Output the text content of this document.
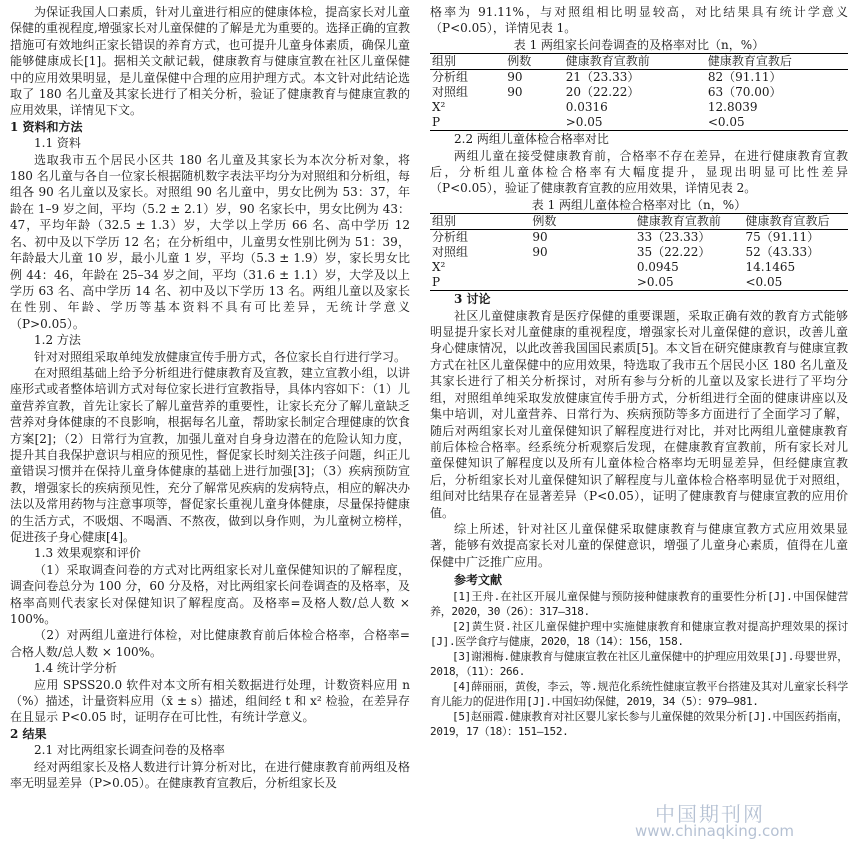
为保证我国人口素质，针对儿童进行相应的健康体检，提高家长对儿童保健的重视程度,增强家长对儿童保健的了解是尤为重要的。选择正确的宣教措施可有效地纠正家长错误的养育方式，也可提升儿童身体素质，确保儿童能够健康成长[1]。据相关文献记载，健康教育与健康宣教在社区儿童保健中的应用效果明显，是儿童保健中合理的应用护理方式。本文针对此结论选取了 180 名儿童及其家长进行了相关分析，验证了健康教育与健康宣教的应用效果，详情见下文。

1 资料和方法

1.1 资料

选取我市五个居民小区共 180 名儿童及其家长为本次分析对象，将 180 名儿童与各自一位家长根据随机数字表法平均分为对照组和分析组，每组各 90 名儿童以及家长。对照组 90 名儿童中，男女比例为 53：37，年龄在 1–9 岁之间，平均（5.2 ± 2.1）岁，90 名家长中，男女比例为 43：47，平均年龄（32.5 ± 1.3）岁，大学以上学历 66 名、高中学历 12 名、初中及以下学历 12 名；在分析组中，儿童男女性别比例为 51：39，年龄最大儿童 10 岁，最小儿童 1 岁，平均（5.3 ± 1.9）岁，家长男女比例 44：46，年龄在 25–34 岁之间，平均（31.6 ± 1.1）岁，大学及以上学历 63 名、高中学历 14 名、初中及以下学历 13 名。两组儿童以及家长在性别、年龄、学历等基本资料不具有可比差异，无统计学意义（P>0.05）。

1.2 方法

针对对照组采取单纯发放健康宣传手册方式，各位家长自行进行学习。

在对照组基础上给予分析组进行健康教育及宣教，建立宣教小组，以讲座形式或者整体培训方式对每位家长进行宣教指导，具体内容如下：（1）儿童营养宣教，首先让家长了解儿童营养的重要性，让家长充分了解儿童缺乏营养对身体健康的不良影响，根据每名儿童，帮助家长制定合理健康的饮食方案[2]；（2）日常行为宣教，加强儿童对自身身边潜在的危险认知力度，提升其自我保护意识与相应的预见性，督促家长时刻关注孩子问题，纠正儿童错误习惯并在保持儿童身体健康的基础上进行加强[3]；（3）疾病预防宣教，增强家长的疾病预见性，充分了解常见疾病的发病特点，相应的解决办法以及常用药物与注意事项等，督促家长重视儿童身体健康，尽量保持健康的生活方式，不吸烟、不喝酒、不熬夜，做到以身作则，为儿童树立榜样，促进孩子身心健康[4]。

1.3 效果观察和评价

（1）采取调查问卷的方式对比两组家长对儿童保健知识的了解程度，调查问卷总分为 100 分，60 分及格，对比两组家长问卷调查的及格率，及格率高则代表家长对保健知识了解程度高。及格率=及格人数/总人数 × 100%。

（2）对两组儿童进行体检，对比健康教育前后体检合格率，合格率=合格人数/总人数 × 100%。

1.4 统计学分析

应用 SPSS20.0 软件对本文所有相关数据进行处理，计数资料应用 n（%）描述，计量资料应用（x̄ ± s）描述，组间经 t 和 x² 检验，在差异存在且显示 P<0.05 时，证明存在可比性，有统计学意义。

2 结果

2.1 对比两组家长调查问卷的及格率

经对两组家长及格人数进行计算分析对比，在进行健康教育前两组及格率无明显差异（P>0.05）。在健康教育宣教后，分析组家长及

格率为 91.11%，与对照组相比明显较高，对比结果具有统计学意义（P<0.05），详情见表 1。

表 1 两组家长问卷调查的及格率对比（n，%）

组别	例数	健康教育宣教前	健康教育宣教后
分析组	90	21（23.33）	82（91.11）
对照组	90	20（22.22）	63（70.00）
X²		0.0316	12.8039
P		>0.05	<0.05

2.2 两组儿童体检合格率对比

两组儿童在接受健康教育前，合格率不存在差异，在进行健康教育宣教后，分析组儿童体检合格率有大幅度提升，显现出明显可比性差异（P<0.05），验证了健康教育宣教的应用效果，详情见表 2。

表 1 两组儿童体检合格率对比（n，%）

组别	例数	健康教育宣教前	健康教育宣教后
分析组	90	33（23.33）	75（91.11）
对照组	90	35（22.22）	52（43.33）
X²		0.0945	14.1465
P		>0.05	<0.05

3 讨论

社区儿童健康教育是医疗保健的重要课题，采取正确有效的教育方式能够明显提升家长对儿童健康的重视程度，增强家长对儿童保健的意识，改善儿童身心健康情况，以此改善我国国民素质[5]。本文旨在研究健康教育与健康宣教方式在社区儿童保健中的应用效果，特选取了我市五个居民小区 180 名儿童及其家长进行了相关分析探讨，对所有参与分析的儿童以及家长进行了平均分组，对照组单纯采取发放健康宣传手册方式，分析组进行全面的健康讲座以及集中培训，对儿童营养、日常行为、疾病预防等多方面进行了全面学习了解，随后对两组家长对儿童保健知识了解程度进行对比，并对比两组儿童健康教育前后体检合格率。经系统分析观察后发现，在健康教育宣教前，所有家长对儿童保健知识了解程度以及所有儿童体检合格率均无明显差异，但经健康宣教后，分析组家长对儿童保健知识了解程度与儿童体检合格率明显优于对照组，组间对比结果存在显著差异（P<0.05），证明了健康教育与健康宣教的应用价值。

综上所述，针对社区儿童保健采取健康教育与健康宣教方式应用效果显著，能够有效提高家长对儿童的保健意识，增强了儿童身心素质，值得在儿童保健中广泛推广应用。

参考文献

[1]王舟.在社区开展儿童保健与预防接种健康教育的重要性分析[J].中国保健营养，2020，30（26）：317–318.

[2]黄生贤.社区儿童保健护理中实施健康教育和健康宣教对提高护理效果的探讨[J].医学食疗与健康，2020，18（14）：156，158.

[3]谢湘梅.健康教育与健康宣教在社区儿童保健中的护理应用效果[J].母婴世界，2018，（11）：266.

[4]薛丽丽，黄俊，李云，等.规范化系统性健康宣教平台搭建及其对儿童家长科学育儿能力的促进作用[J].中国妇幼保健，2019，34（5）：979–981.

[5]赵丽霞.健康教育对社区婴儿家长参与儿童保健的效果分析[J].中国医药指南，2019，17（18）：151–152.

中国期刊网
www.chinaqking.com
